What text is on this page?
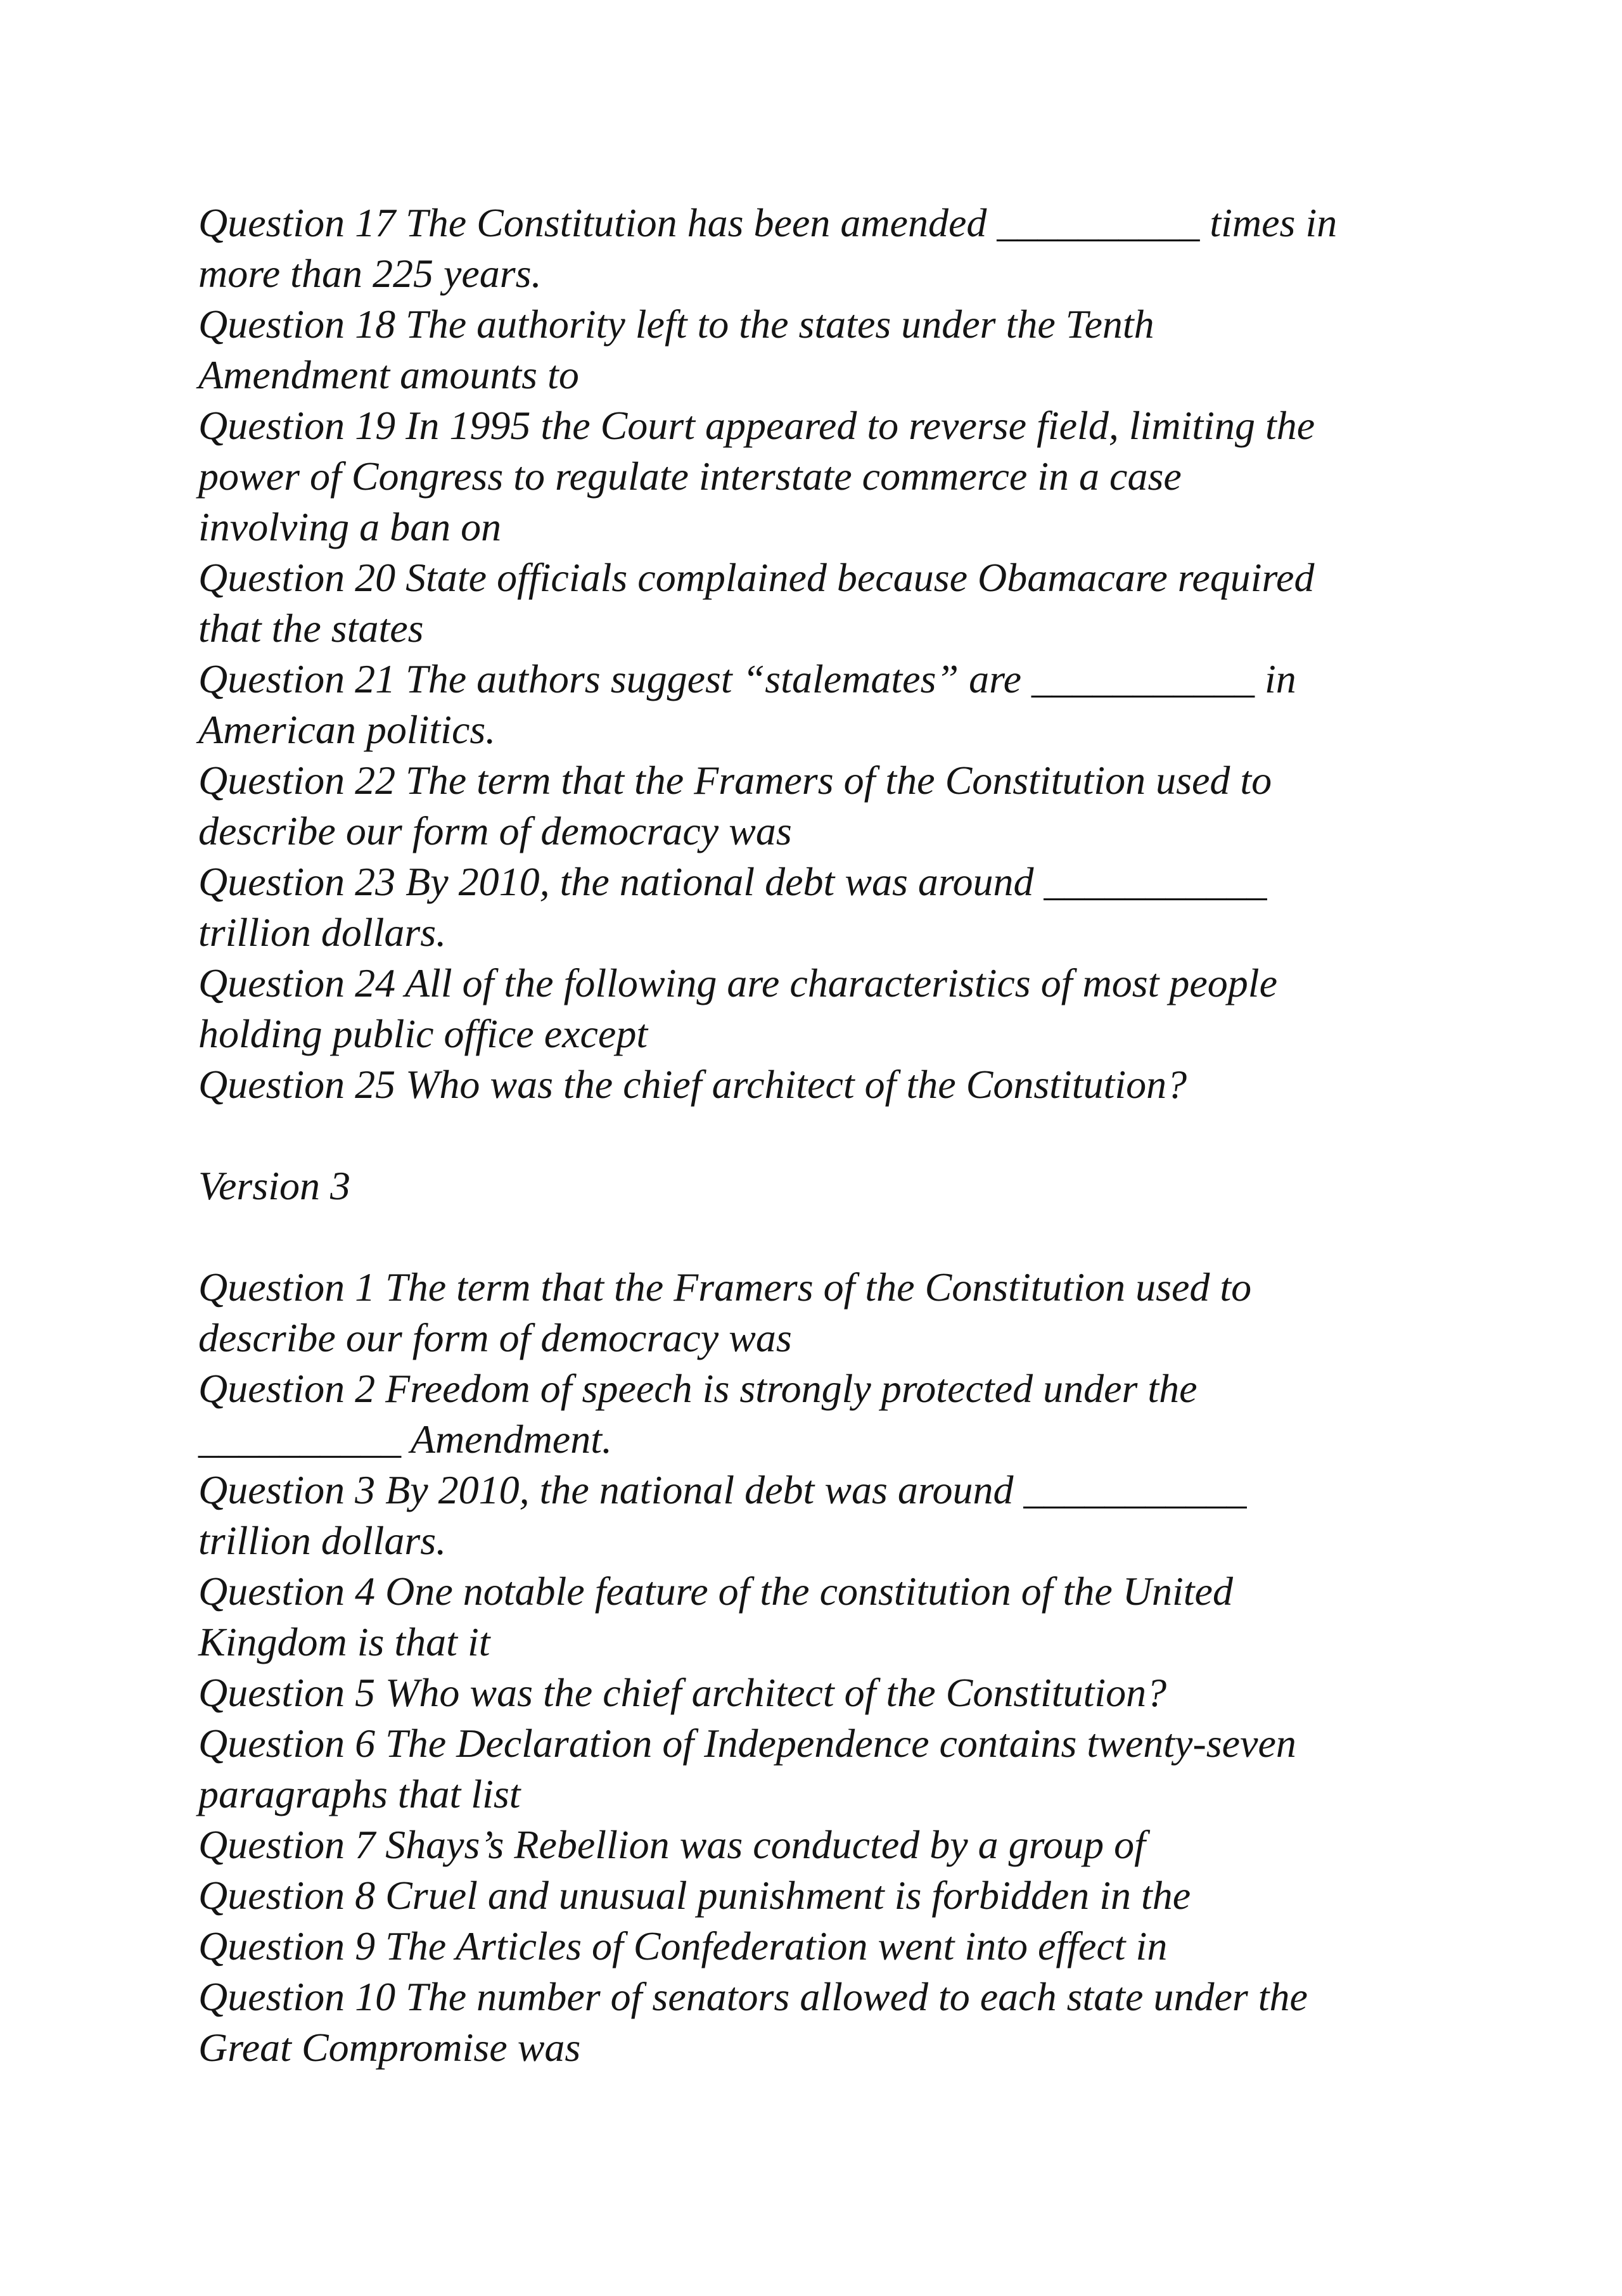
Question 17 The Constitution has been amended __________ times in
more than 225 years.
Question 18 The authority left to the states under the Tenth
Amendment amounts to
Question 19 In 1995 the Court appeared to reverse field, limiting the
power of Congress to regulate interstate commerce in a case
involving a ban on
Question 20 State officials complained because Obamacare required
that the states
Question 21 The authors suggest “stalemates” are ___________ in
American politics.
Question 22 The term that the Framers of the Constitution used to
describe our form of democracy was
Question 23 By 2010, the national debt was around ___________
trillion dollars.
Question 24 All of the following are characteristics of most people
holding public office except
Question 25 Who was the chief architect of the Constitution?
Version 3
Question 1 The term that the Framers of the Constitution used to
describe our form of democracy was
Question 2 Freedom of speech is strongly protected under the
__________ Amendment.
Question 3 By 2010, the national debt was around ___________
trillion dollars.
Question 4 One notable feature of the constitution of the United
Kingdom is that it
Question 5 Who was the chief architect of the Constitution?
Question 6 The Declaration of Independence contains twenty-seven
paragraphs that list
Question 7 Shays’s Rebellion was conducted by a group of
Question 8 Cruel and unusual punishment is forbidden in the
Question 9 The Articles of Confederation went into effect in
Question 10 The number of senators allowed to each state under the
Great Compromise was
